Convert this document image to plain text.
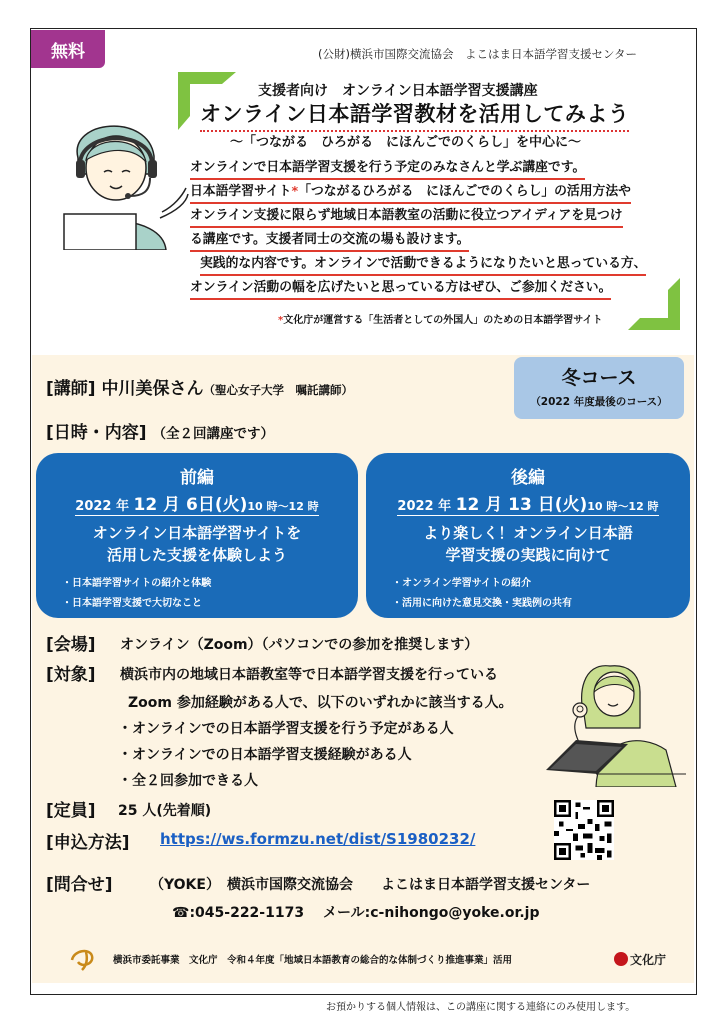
無料	(公財)横浜市国際交流協会　よこはま日本語学習支援センター
支援者向け　オンライン日本語学習支援講座
オンライン日本語学習教材を活用してみよう
～「つながる　ひろがる　にほんごでのくらし」を中心に～
オンラインで日本語学習支援を行う予定のみなさんと学ぶ講座です。
日本語学習サイト*「つながるひろがる　にほんごでのくらし」の活用方法や
オンライン支援に限らず地域日本語教室の活動に役立つアイディアを見つけ
る講座です。支援者同士の交流の場も設けます。
実践的な内容です。オンラインで活動できるようになりたいと思っている方、
オンライン活動の幅を広げたいと思っている方はぜひ、ご参加ください。
*文化庁が運営する「生活者としての外国人」のための日本語学習サイト
冬コース
（2022 年度最後のコース）
[講師] 中川美保さん（聖心女子大学　嘱託講師）
[日時・内容] （全２回講座です）
前編
2022 年 12 月 6日(火)10 時～12 時
オンライン日本語学習サイトを
活用した支援を体験しよう
・日本語学習サイトの紹介と体験
・日本語学習支援で大切なこと
後編
2022 年 12 月 13 日(火)10 時～12 時
より楽しく！オンライン日本語
学習支援の実践に向けて
・オンライン学習サイトの紹介
・活用に向けた意見交換・実践例の共有
[会場] オンライン（Zoom）（パソコンでの参加を推奨します）
[対象] 横浜市内の地域日本語教室等で日本語学習支援を行っている
Zoom 参加経験がある人で、以下のいずれかに該当する人。
・オンラインでの日本語学習支援を行う予定がある人
・オンラインでの日本語学習支援経験がある人
・全２回参加できる人
[定員] 25 人(先着順)
[申込方法] https://ws.formzu.net/dist/S1980232/
[問合せ]	（YOKE）　横浜市国際交流協会　　よこはま日本語学習支援センター
☎:045-222-1173　 メール:c-nihongo@yoke.or.jp
横浜市委託事業　文化庁　令和４年度「地域日本語教育の総合的な体制づくり推進事業」活用	文化庁
お預かりする個人情報は、この講座に関する連絡にのみ使用します。
